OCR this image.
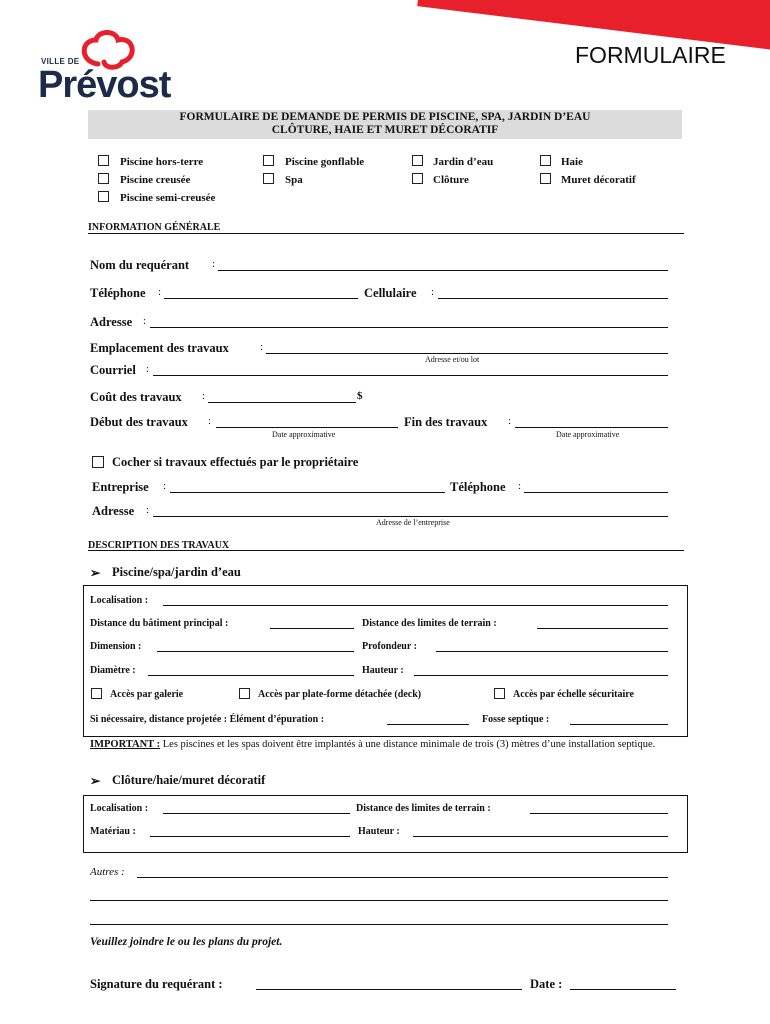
VILLE DE
Prévost
FORMULAIRE
FORMULAIRE DE DEMANDE DE PERMIS DE PISCINE, SPA, JARDIN D’EAU
CLÔTURE, HAIE ET MURET DÉCORATIF
Piscine hors-terre	Piscine gonflable	Jardin d’eau	Haie
Piscine creusée	Spa	Clôture	Muret décoratif
Piscine semi-creusée
INFORMATION GÉNÉRALE
Nom du requérant :
Téléphone :	Cellulaire :
Adresse :
Emplacement des travaux	:
Adresse et/ou lot
Courriel :
Coût des travaux :	$
Début des travaux :
Date approximative
Fin des travaux :
Date approximative
Cocher si travaux effectués par le propriétaire
Entreprise :	Téléphone :
Adresse :
Adresse de l’entreprise
DESCRIPTION DES TRAVAUX
➢ Piscine/spa/jardin d’eau
Localisation :
Distance du bâtiment principal :	Distance des limites de terrain :
Dimension :	Profondeur :
Diamètre :	Hauteur :
Accès par galerie	Accès par plate-forme détachée (deck)	Accès par échelle sécuritaire
Si nécessaire, distance projetée : Élément d’épuration :	Fosse septique :
IMPORTANT : Les piscines et les spas doivent être implantés à une distance minimale de trois (3) mètres d’une installation septique.
➢ Clôture/haie/muret décoratif
Localisation :	Distance des limites de terrain :
Matériau :	Hauteur :
Autres :
Veuillez joindre le ou les plans du projet.
Signature du requérant :	Date :
